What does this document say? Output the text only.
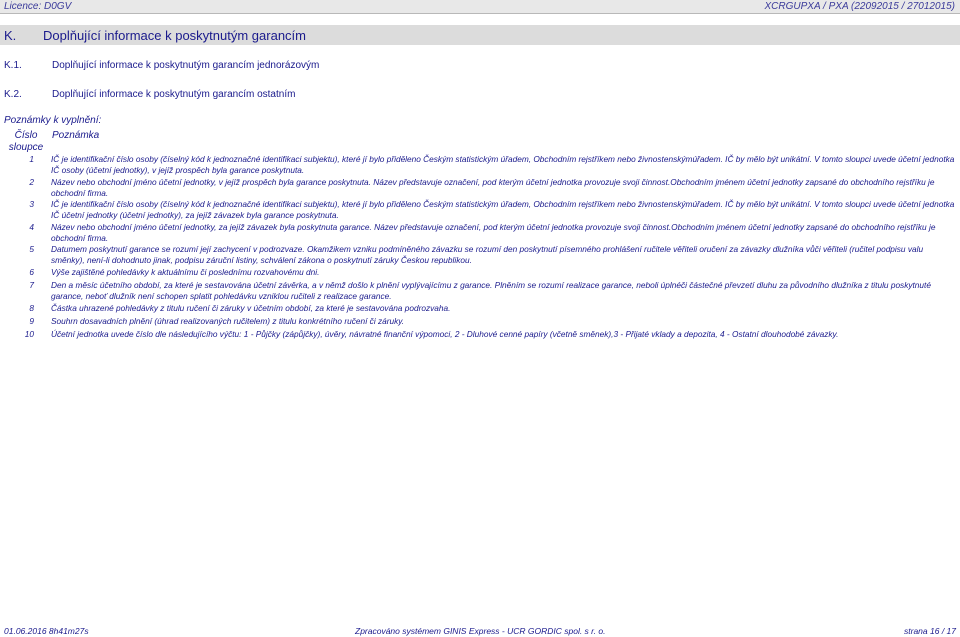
Licence: D0GV	XCRGUPXA / PXA (22092015 / 27012015)
K. Doplňující informace k poskytnutým garancím
K.1.	Doplňující informace k poskytnutým garancím jednorázovým
K.2.	Doplňující informace k poskytnutým garancím ostatním
Poznámky k vyplnění:
Číslo sloupce
Poznámka
1 IČ je identifikační číslo osoby (číselný kód k jednoznačné identifikaci subjektu), které jí bylo přiděleno Českým statistickým úřadem, Obchodním rejstříkem nebo živnostenskýmúřadem. IČ by mělo být unikátní. V tomto sloupci uvede účetní jednotka IČ osoby (účetní jednotky), v jejíž prospěch byla garance poskytnuta.
2 Název nebo obchodní jméno účetní jednotky, v jejíž prospěch byla garance poskytnuta. Název představuje označení, pod kterým účetní jednotka provozuje svoji činnost.Obchodním jménem účetní jednotky zapsané do obchodního rejstříku je obchodní firma.
3 IČ je identifikační číslo osoby (číselný kód k jednoznačné identifikaci subjektu), které jí bylo přiděleno Českým statistickým úřadem, Obchodním rejstříkem nebo živnostenskýmúřadem. IČ by mělo být unikátní. V tomto sloupci uvede účetní jednotka IČ účetní jednotky (účetní jednotky), za jejíž závazek byla garance poskytnuta.
4 Název nebo obchodní jméno účetní jednotky, za jejíž závazek byla poskytnuta garance. Název představuje označení, pod kterým účetní jednotka provozuje svoji činnost.Obchodním jménem účetní jednotky zapsané do obchodního rejstříku je obchodní firma.
5 Datumem poskytnutí garance se rozumí její zachycení v podrozvaze. Okamžikem vzniku podmíněného závazku se rozumí den poskytnutí písemného prohlášení ručitele věřiteli oručení za závazky dlužníka vůči věřiteli (ručitel podpisu valu směnky), není-li dohodnuto jinak, podpisu záruční listiny, schválení zákona o poskytnutí záruky Českou republikou.
6 Výše zajištěné pohledávky k aktuálnímu či poslednímu rozvahovému dni.
7 Den a měsíc účetního období, za které je sestavována účetní závěrka, a v němž došlo k plnění vyplývajícímu z garance. Plněním se rozumí realizace garance, neboli úplnéči částečné převzetí dluhu za původního dlužníka z titulu poskytnuté garance, neboť dlužník není schopen splatit pohledávku vzniklou ručiteli z realizace garance.
8 Částka uhrazené pohledávky z titulu ručení či záruky v účetním období, za které je sestavována podrozvaha.
9 Souhrn dosavadních plnění (úhrad realizovaných ručitelem) z titulu konkrétního ručení či záruky.
10 Účetní jednotka uvede číslo dle následujícího výčtu: 1 - Půjčky (zápůjčky), úvěry, návratné finanční výpomoci, 2 - Dluhové cenné papíry (včetně směnek),3 - Přijaté vklady a depozita, 4 - Ostatní dlouhodobé závazky.
01.06.2016 8h41m27s	Zpracováno systémem GINIS Express - UCR GORDIC spol. s r. o.	strana 16 / 17
